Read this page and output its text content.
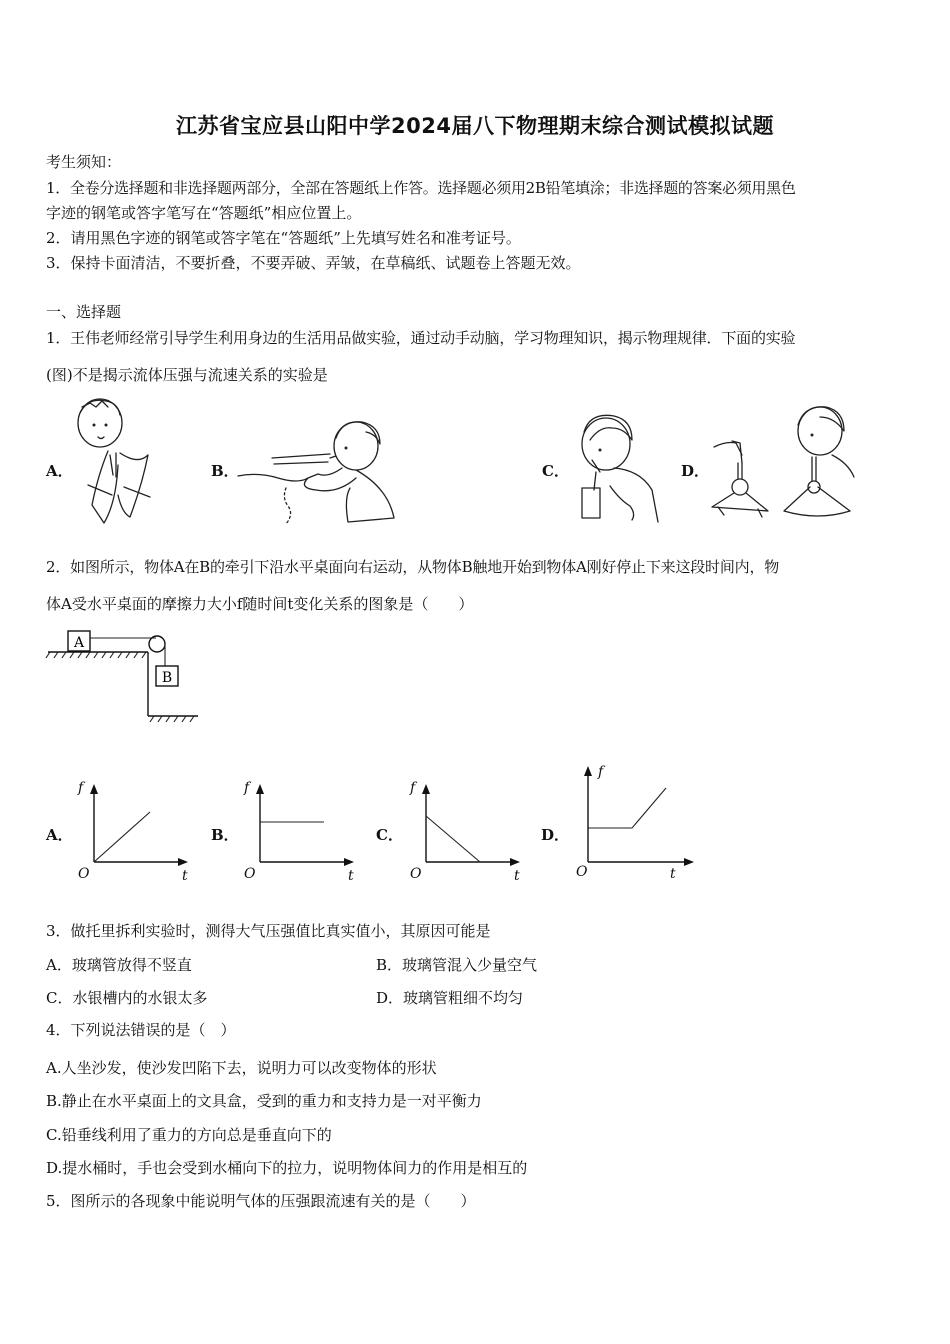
江苏省宝应县山阳中学2024届八下物理期末综合测试模拟试题
考生须知：
1．全卷分选择题和非选择题两部分，全部在答题纸上作答。选择题必须用2B铅笔填涂；非选择题的答案必须用黑色
字迹的钢笔或答字笔写在“答题纸”相应位置上。
2．请用黑色字迹的钢笔或答字笔在“答题纸”上先填写姓名和准考证号。
3．保持卡面清洁，不要折叠，不要弄破、弄皱，在草稿纸、试题卷上答题无效。
一、选择题
1．王伟老师经常引导学生利用身边的生活用品做实验，通过动手动脑，学习物理知识，揭示物理规律．下面的实验
(图)不是揭示流体压强与流速关系的实验是
A．	B．	C．	D．
2．如图所示，物体A在B的牵引下沿水平桌面向右运动，从物体B触地开始到物体A刚好停止下来这段时间内，物
体A受水平桌面的摩擦力大小f随时间t变化关系的图象是（　　）
A
B
A．	B．	C．	D．
f
O	t
f
O	t
f
O	t
f
O	t
3．做托里拆利实验时，测得大气压强值比真实值小，其原因可能是
A．玻璃管放得不竖直	B．玻璃管混入少量空气
C．水银槽内的水银太多	D．玻璃管粗细不均匀
4．下列说法错误的是（　）
A.人坐沙发，使沙发凹陷下去，说明力可以改变物体的形状
B.静止在水平桌面上的文具盒，受到的重力和支持力是一对平衡力
C.铅垂线利用了重力的方向总是垂直向下的
D.提水桶时，手也会受到水桶向下的拉力，说明物体间力的作用是相互的
5．图所示的各现象中能说明气体的压强跟流速有关的是（　　）
